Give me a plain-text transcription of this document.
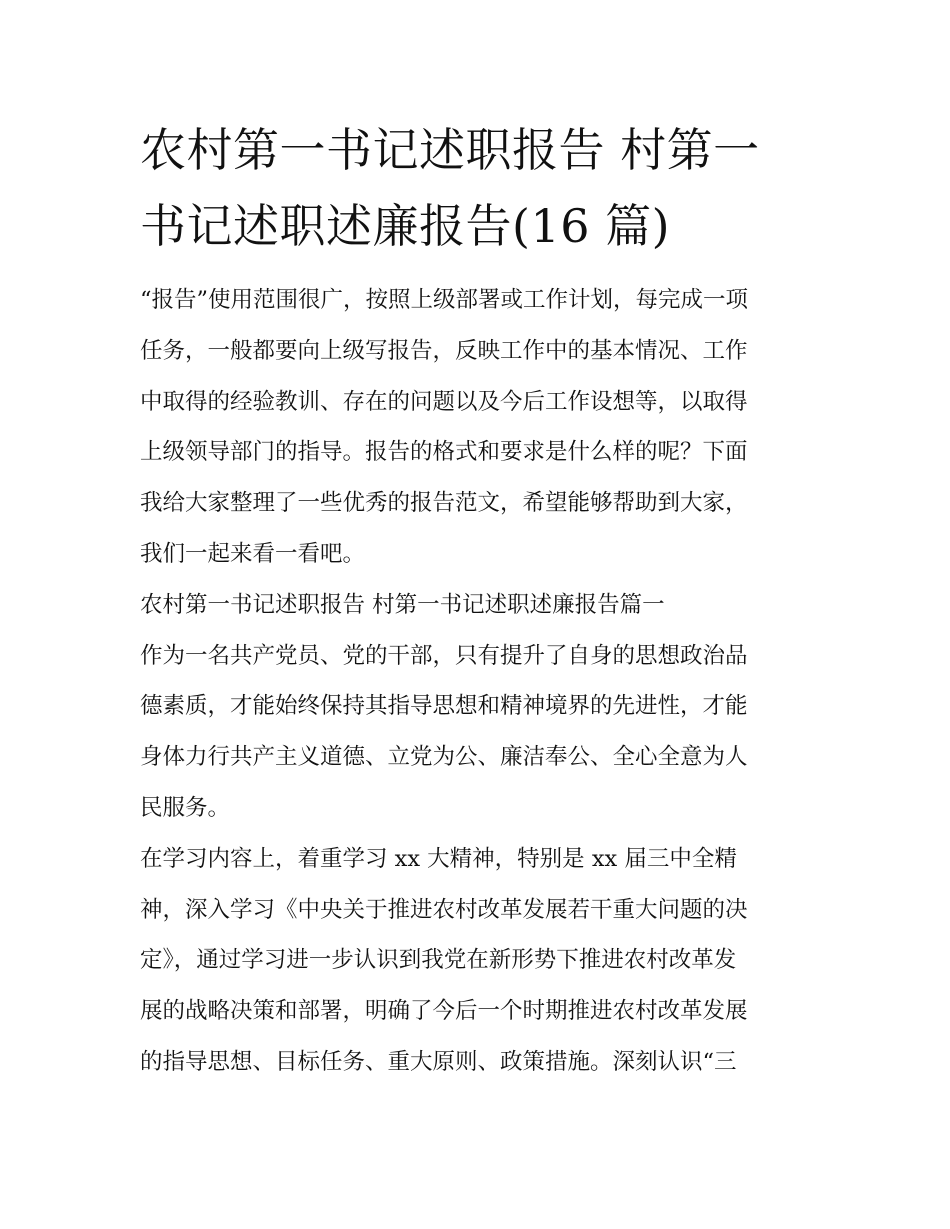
农村第一书记述职报告 村第一
书记述职述廉报告(16 篇)

“报告”使用范围很广，按照上级部署或工作计划，每完成一项
任务，一般都要向上级写报告，反映工作中的基本情况、工作
中取得的经验教训、存在的问题以及今后工作设想等，以取得
上级领导部门的指导。报告的格式和要求是什么样的呢？下面
我给大家整理了一些优秀的报告范文，希望能够帮助到大家，
我们一起来看一看吧。

农村第一书记述职报告 村第一书记述职述廉报告篇一

作为一名共产党员、党的干部，只有提升了自身的思想政治品
德素质，才能始终保持其指导思想和精神境界的先进性，才能
身体力行共产主义道德、立党为公、廉洁奉公、全心全意为人
民服务。

在学习内容上，着重学习 xx 大精神，特别是 xx 届三中全精
神，深入学习《中央关于推进农村改革发展若干重大问题的决
定》，通过学习进一步认识到我党在新形势下推进农村改革发
展的战略决策和部署，明确了今后一个时期推进农村改革发展
的指导思想、目标任务、重大原则、政策措施。深刻认识“三
